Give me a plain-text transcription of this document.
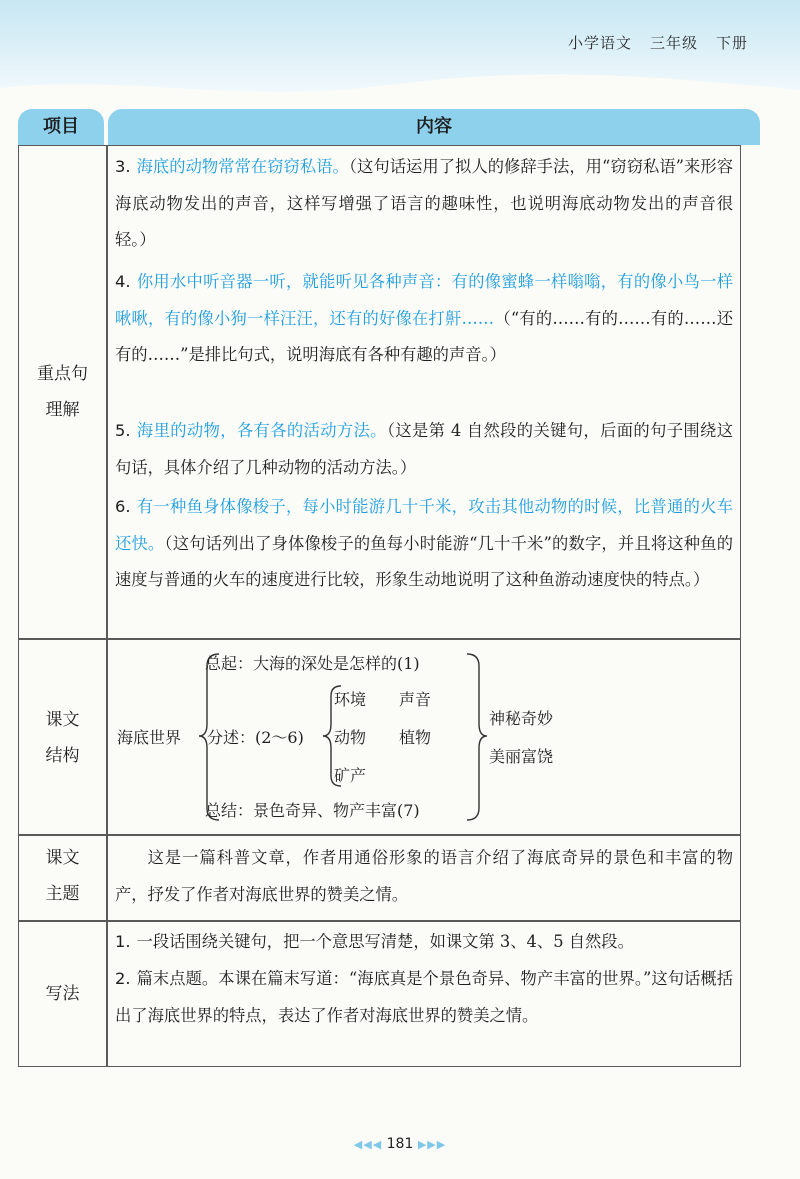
小学语文 三年级 下册
项目	内容
重点句
理解
3. 海底的动物常常在窃窃私语。（这句话运用了拟人的修辞手法，用“窃窃私语”来形容海底动物发出的声音，这样写增强了语言的趣味性，也说明海底动物发出的声音很轻。）
4. 你用水中听音器一听，就能听见各种声音：有的像蜜蜂一样嗡嗡，有的像小鸟一样啾啾，有的像小狗一样汪汪，还有的好像在打鼾……（“有的……有的……有的……还有的……”是排比句式，说明海底有各种有趣的声音。）
5. 海里的动物，各有各的活动方法。（这是第 4 自然段的关键句，后面的句子围绕这句话，具体介绍了几种动物的活动方法。）
6. 有一种鱼身体像梭子，每小时能游几十千米，攻击其他动物的时候，比普通的火车还快。（这句话列出了身体像梭子的鱼每小时能游“几十千米”的数字，并且将这种鱼的速度与普通的火车的速度进行比较，形象生动地说明了这种鱼游动速度快的特点。）
课文
结构
海底世界
总起：大海的深处是怎样的(1)
分述：(2～6)
环境 声音
动物 植物
矿产
总结：景色奇异、物产丰富(7)
神秘奇妙
美丽富饶
课文
主题
这是一篇科普文章，作者用通俗形象的语言介绍了海底奇异的景色和丰富的物产，抒发了作者对海底世界的赞美之情。
写法
1. 一段话围绕关键句，把一个意思写清楚，如课文第 3、4、5 自然段。
2. 篇末点题。本课在篇末写道：“海底真是个景色奇异、物产丰富的世界。”这句话概括出了海底世界的特点，表达了作者对海底世界的赞美之情。
◀◀◀ 181 ▶▶▶
